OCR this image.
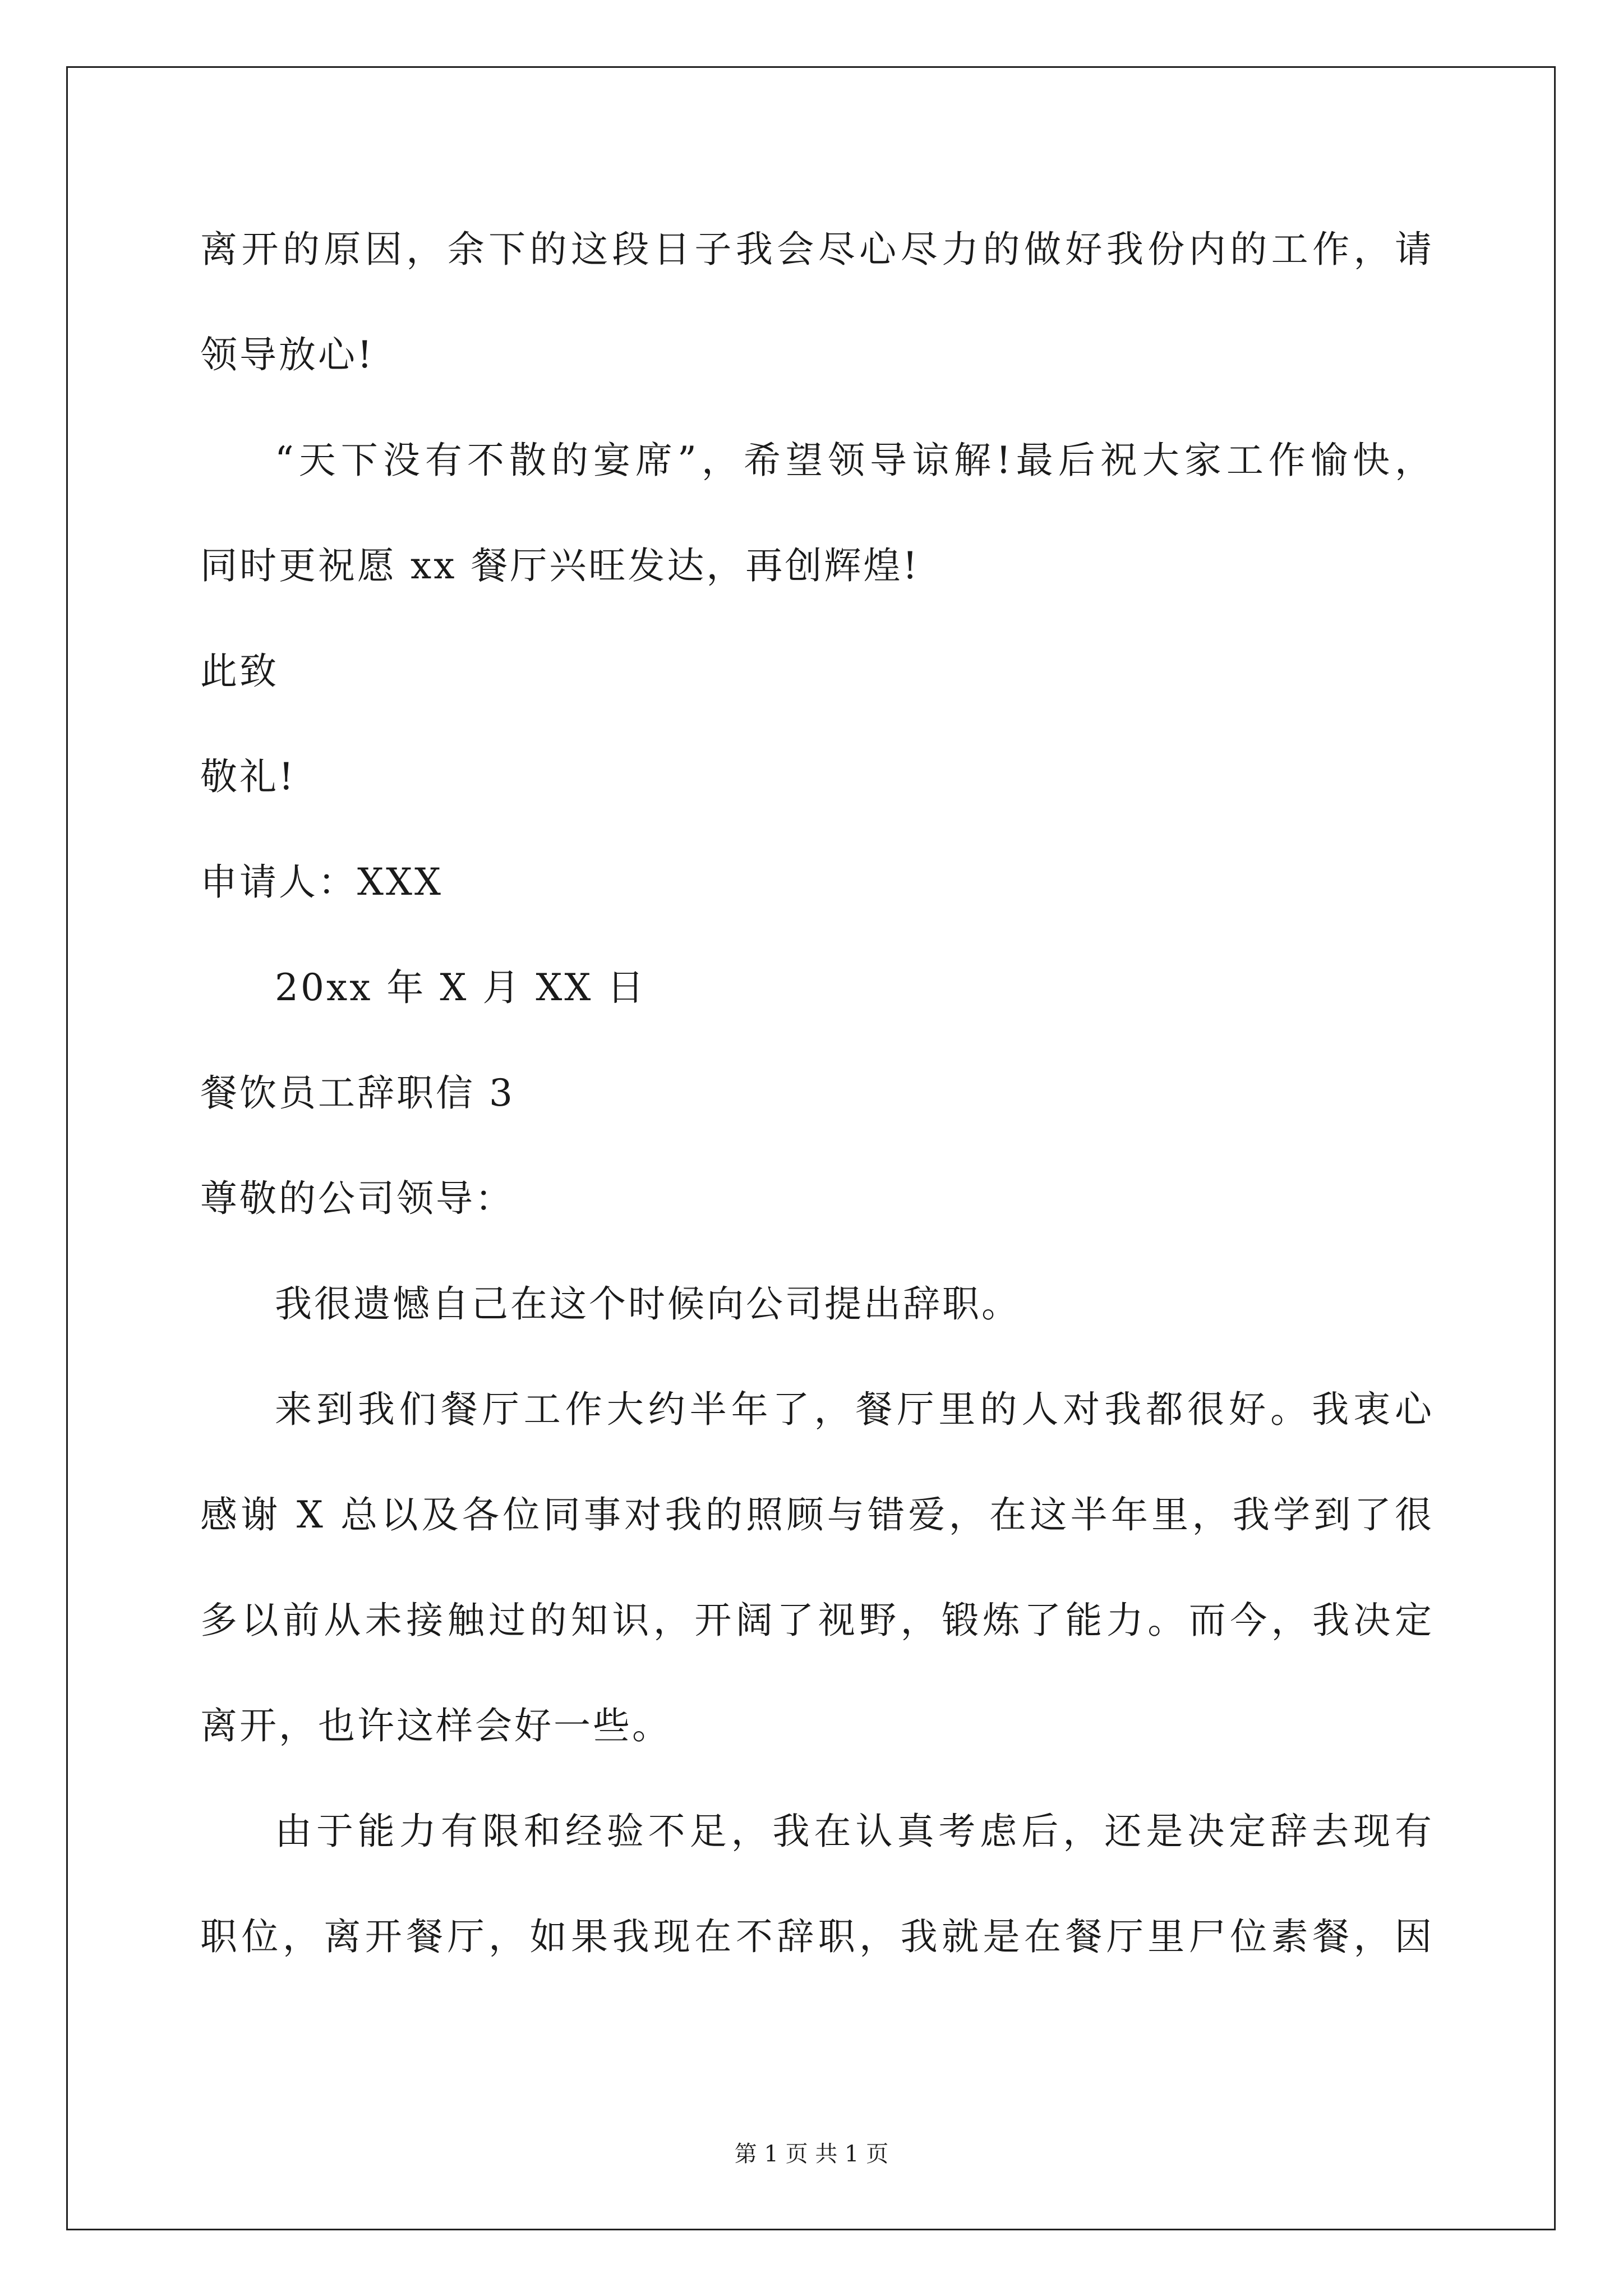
离开的原因，余下的这段日子我会尽心尽力的做好我份内的工作，请
领导放心!
“天下没有不散的宴席”，希望领导谅解!最后祝大家工作愉快，
同时更祝愿 xx 餐厅兴旺发达，再创辉煌!
此致
敬礼!
申请人：XXX
20xx 年 X 月 XX 日
餐饮员工辞职信 3
尊敬的公司领导：
我很遗憾自己在这个时候向公司提出辞职。
来到我们餐厅工作大约半年了，餐厅里的人对我都很好。我衷心
感谢 X 总以及各位同事对我的照顾与错爱，在这半年里，我学到了很
多以前从未接触过的知识，开阔了视野，锻炼了能力。而今，我决定
离开，也许这样会好一些。
由于能力有限和经验不足，我在认真考虑后，还是决定辞去现有
职位，离开餐厅，如果我现在不辞职，我就是在餐厅里尸位素餐，因
第 1 页 共 1 页
